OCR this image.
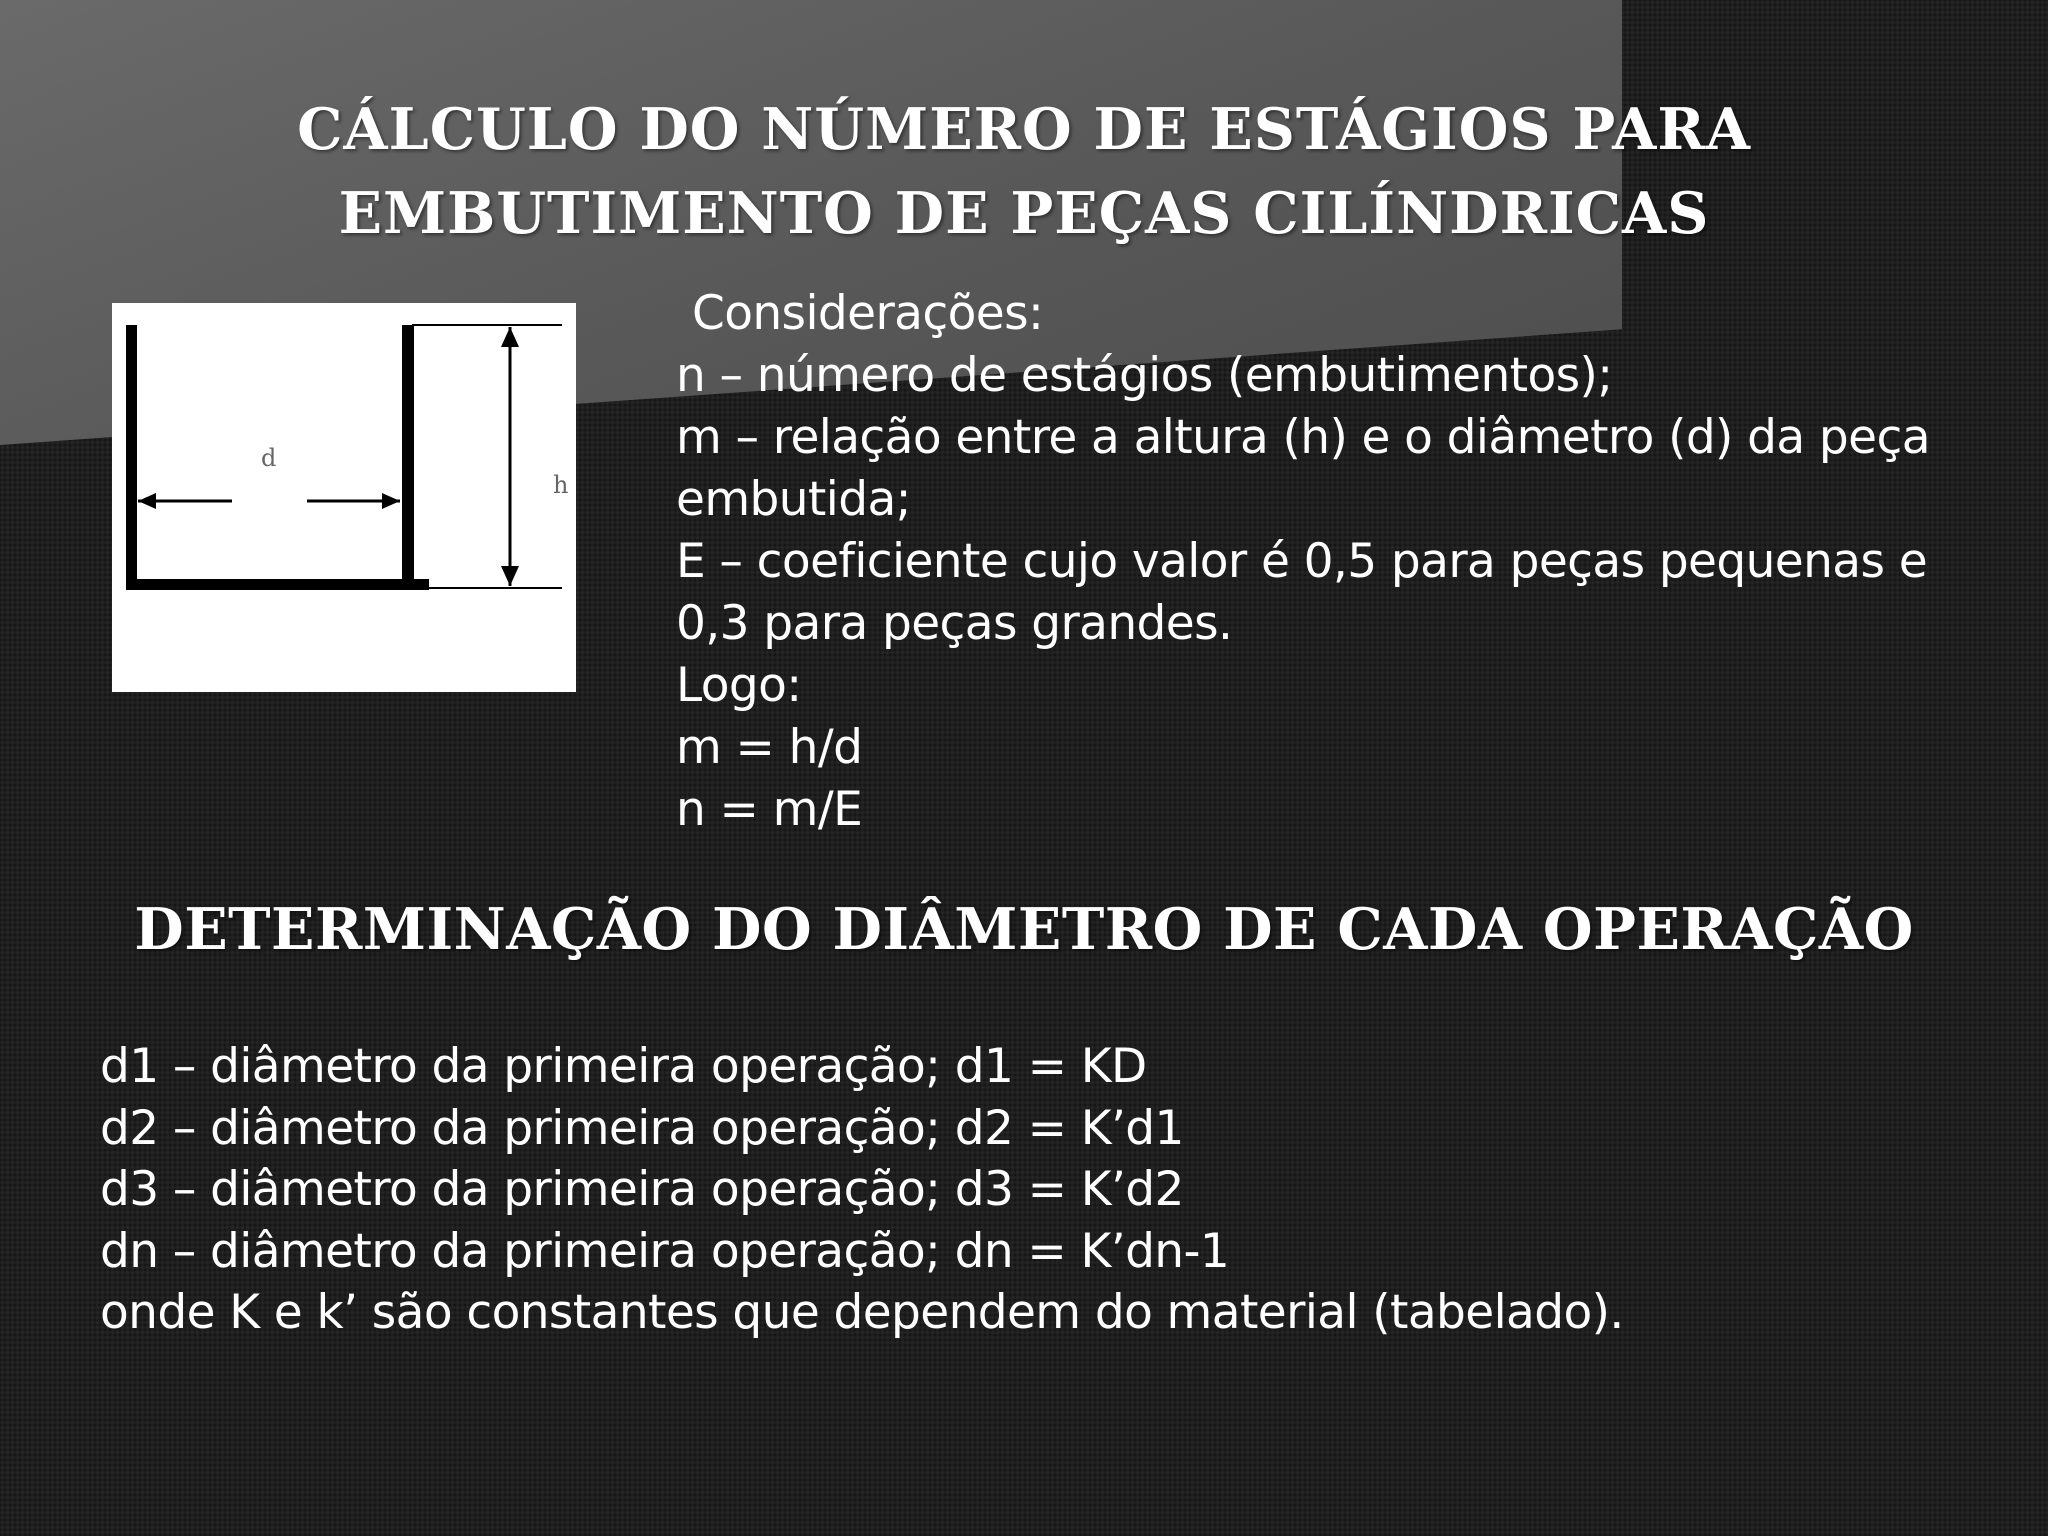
CÁLCULO DO NÚMERO DE ESTÁGIOS PARA
EMBUTIMENTO DE PEÇAS CILÍNDRICAS
d
h
Considerações:
n – número de estágios (embutimentos);
m – relação entre a altura (h) e o diâmetro (d) da peça
embutida;
E – coeficiente cujo valor é 0,5 para peças pequenas e
0,3 para peças grandes.
Logo:
m = h/d
n = m/E
DETERMINAÇÃO DO DIÂMETRO DE CADA OPERAÇÃO
d1 – diâmetro da primeira operação; d1 = KD
d2 – diâmetro da primeira operação; d2 = K’d1
d3 – diâmetro da primeira operação; d3 = K’d2
dn – diâmetro da primeira operação; dn = K’dn-1
onde K e k’ são constantes que dependem do material (tabelado).
